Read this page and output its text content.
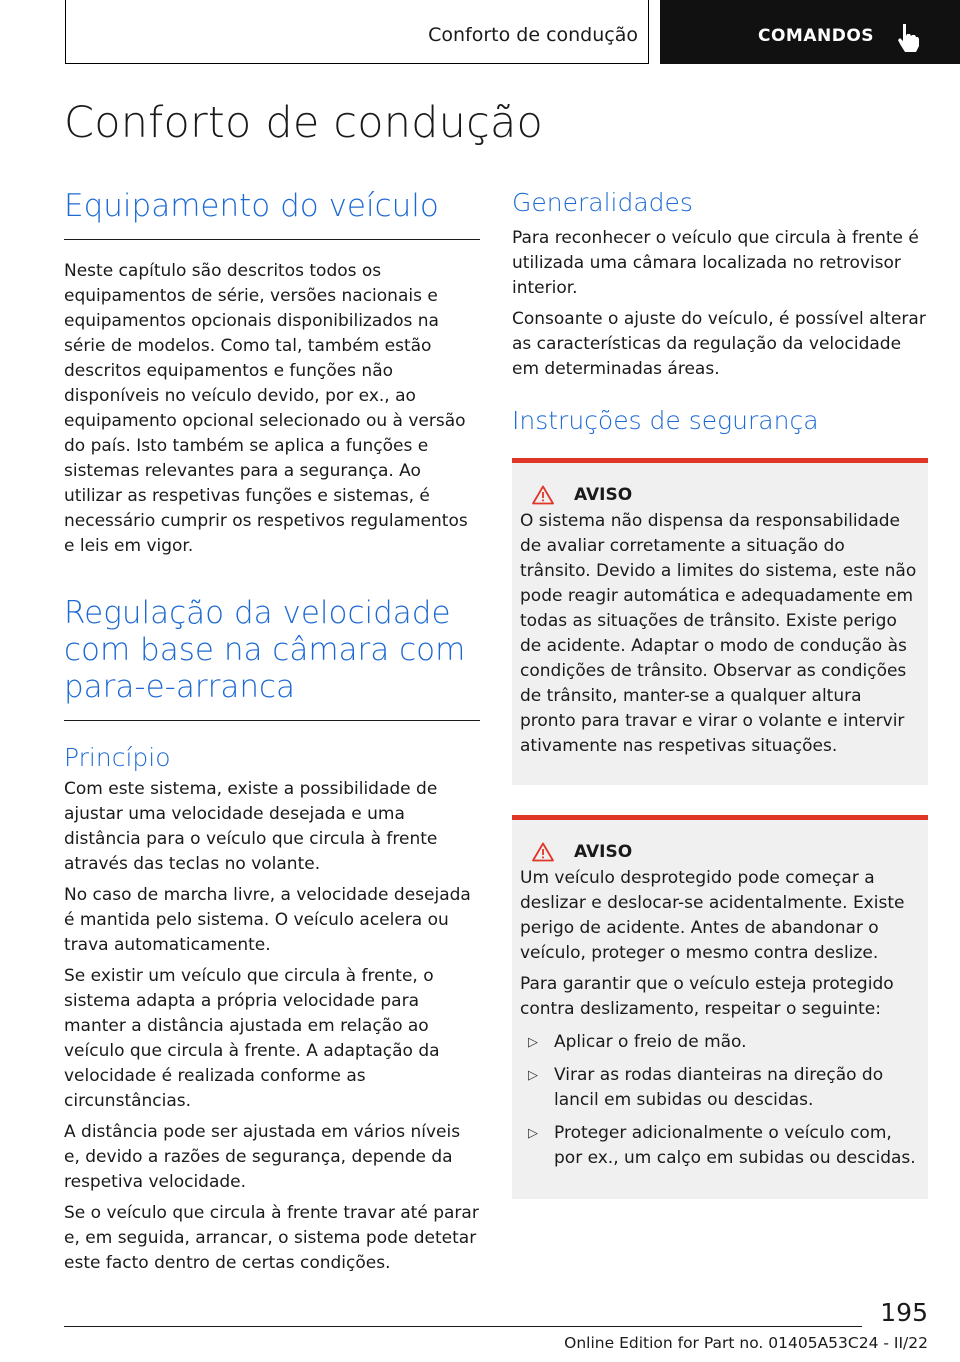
Conforto de condução	COMANDOS
Conforto de condução
Equipamento do veículo

Neste capítulo são descritos todos os equipamentos de série, versões nacionais e equipamentos opcionais disponibilizados na série de modelos. Como tal, também estão descritos equipamentos e funções não disponíveis no veículo devido, por ex., ao equipamento opcional selecionado ou à versão do país. Isto também se aplica a funções e sistemas relevantes para a segurança. Ao utilizar as respetivas funções e sistemas, é necessário cumprir os respetivos regulamentos e leis em vigor.

Regulação da velocidade com base na câmara com para-e-arranca
Princípio

Com este sistema, existe a possibilidade de ajustar uma velocidade desejada e uma distância para o veículo que circula à frente através das teclas no volante.

No caso de marcha livre, a velocidade desejada é mantida pelo sistema. O veículo acelera ou trava automaticamente.

Se existir um veículo que circula à frente, o sistema adapta a própria velocidade para manter a distância ajustada em relação ao veículo que circula à frente. A adaptação da velocidade é realizada conforme as circunstâncias.

A distância pode ser ajustada em vários níveis e, devido a razões de segurança, depende da respetiva velocidade.

Se o veículo que circula à frente travar até parar e, em seguida, arrancar, o sistema pode detetar este facto dentro de certas condições.

Generalidades

Para reconhecer o veículo que circula à frente é utilizada uma câmara localizada no retrovisor interior.

Consoante o ajuste do veículo, é possível alterar as características da regulação da velocidade em determinadas áreas.

Instruções de segurança
AVISO

O sistema não dispensa da responsabilidade de avaliar corretamente a situação do trânsito. Devido a limites do sistema, este não pode reagir automática e adequadamente em todas as situações de trânsito. Existe perigo de acidente. Adaptar o modo de condução às condições de trânsito. Observar as condições de trânsito, manter-se a qualquer altura pronto para travar e virar o volante e intervir ativamente nas respetivas situações.

AVISO

Um veículo desprotegido pode começar a deslizar e deslocar-se acidentalmente. Existe perigo de acidente. Antes de abandonar o veículo, proteger o mesmo contra deslize.

Para garantir que o veículo esteja protegido contra deslizamento, respeitar o seguinte:

▷ Aplicar o freio de mão.
▷ Virar as rodas dianteiras na direção do lancil em subidas ou descidas.
▷ Proteger adicionalmente o veículo com, por ex., um calço em subidas ou descidas.
195
Online Edition for Part no. 01405A53C24 - II/22
